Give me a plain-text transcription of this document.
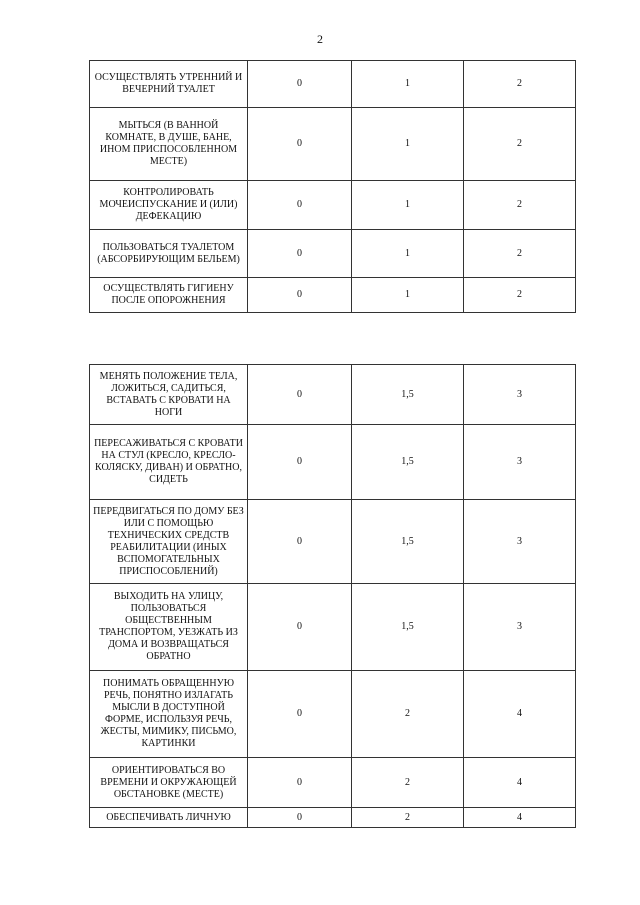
2
ОСУЩЕСТВЛЯТЬ УТРЕННИЙ И ВЕЧЕРНИЙ ТУАЛЕТ	0	1	2
МЫТЬСЯ (В ВАННОЙ КОМНАТЕ, В ДУШЕ, БАНЕ, ИНОМ ПРИСПОСОБЛЕННОМ МЕСТЕ)	0	1	2
КОНТРОЛИРОВАТЬ МОЧЕИСПУСКАНИЕ И (ИЛИ) ДЕФЕКАЦИЮ	0	1	2
ПОЛЬЗОВАТЬСЯ ТУАЛЕТОМ (АБСОРБИРУЮЩИМ БЕЛЬЕМ)	0	1	2
ОСУЩЕСТВЛЯТЬ ГИГИЕНУ ПОСЛЕ ОПОРОЖНЕНИЯ	0	1	2
МЕНЯТЬ ПОЛОЖЕНИЕ ТЕЛА, ЛОЖИТЬСЯ, САДИТЬСЯ, ВСТАВАТЬ С КРОВАТИ НА НОГИ	0	1,5	3
ПЕРЕСАЖИВАТЬСЯ С КРОВАТИ НА СТУЛ (КРЕСЛО, КРЕСЛО-КОЛЯСКУ, ДИВАН) И ОБРАТНО, СИДЕТЬ	0	1,5	3
ПЕРЕДВИГАТЬСЯ ПО ДОМУ БЕЗ ИЛИ С ПОМОЩЬЮ ТЕХНИЧЕСКИХ СРЕДСТВ РЕАБИЛИТАЦИИ (ИНЫХ ВСПОМОГАТЕЛЬНЫХ ПРИСПОСОБЛЕНИЙ)	0	1,5	3
ВЫХОДИТЬ НА УЛИЦУ, ПОЛЬЗОВАТЬСЯ ОБЩЕСТВЕННЫМ ТРАНСПОРТОМ, УЕЗЖАТЬ ИЗ ДОМА И ВОЗВРАЩАТЬСЯ ОБРАТНО	0	1,5	3
ПОНИМАТЬ ОБРАЩЕННУЮ РЕЧЬ, ПОНЯТНО ИЗЛАГАТЬ МЫСЛИ В ДОСТУПНОЙ ФОРМЕ, ИСПОЛЬЗУЯ РЕЧЬ, ЖЕСТЫ, МИМИКУ, ПИСЬМО, КАРТИНКИ	0	2	4
ОРИЕНТИРОВАТЬСЯ ВО ВРЕМЕНИ И ОКРУЖАЮЩЕЙ ОБСТАНОВКЕ (МЕСТЕ)	0	2	4
ОБЕСПЕЧИВАТЬ ЛИЧНУЮ	0	2	4
